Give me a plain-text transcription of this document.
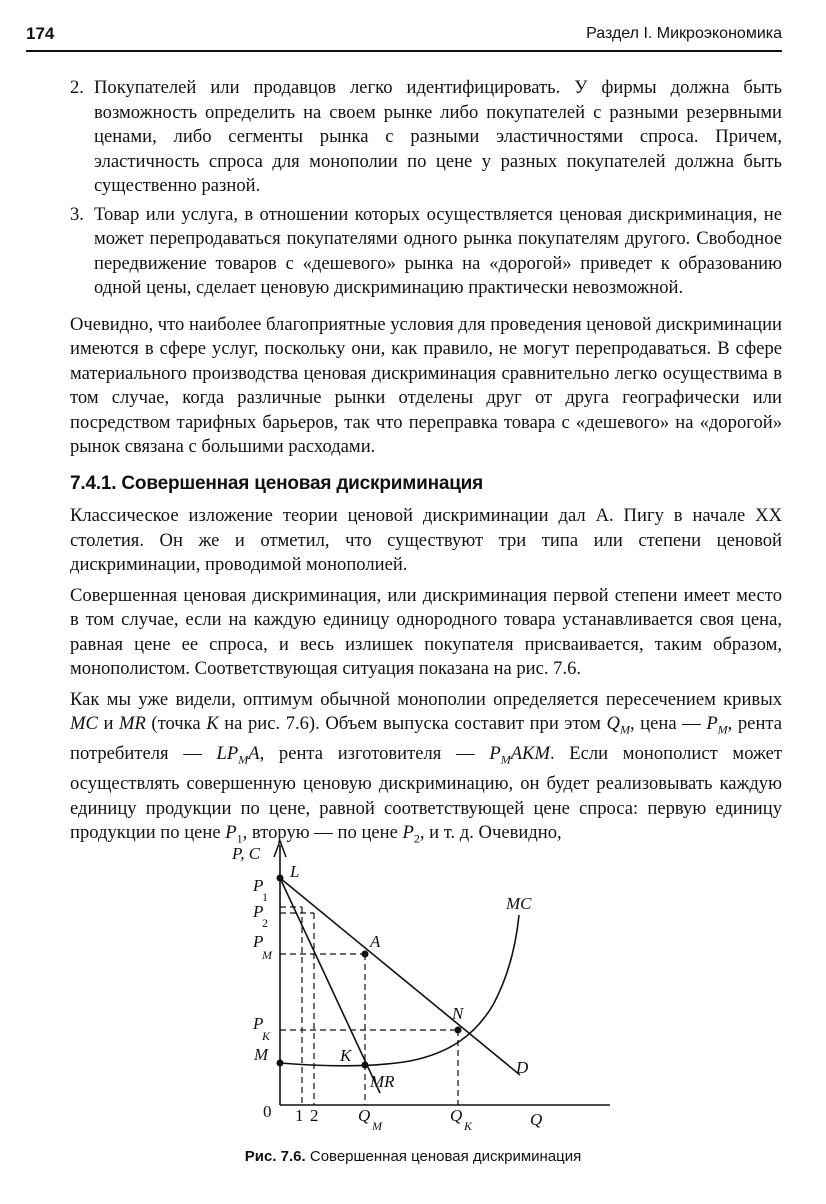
174	Раздел I. Микроэкономика
2. Покупателей или продавцов легко идентифицировать. У фирмы должна быть возможность определить на своем рынке либо покупателей с разными резервными ценами, либо сегменты рынка с разными эластичностями спроса. Причем, эластичность спроса для монополии по цене у разных покупателей должна быть существенно разной.
3. Товар или услуга, в отношении которых осуществляется ценовая дискриминация, не может перепродаваться покупателями одного рынка покупателям другого. Свободное передвижение товаров с «дешевого» рынка на «дорогой» приведет к образованию одной цены, сделает ценовую дискриминацию практически невозможной.

Очевидно, что наиболее благоприятные условия для проведения ценовой дискриминации имеются в сфере услуг, поскольку они, как правило, не могут перепродаваться. В сфере материального производства ценовая дискриминация сравнительно легко осуществима в том случае, когда различные рынки отделены друг от друга географически или посредством тарифных барьеров, так что переправка товара с «дешевого» на «дорогой» рынок связана с большими расходами.

7.4.1. Совершенная ценовая дискриминация

Классическое изложение теории ценовой дискриминации дал А. Пигу в начале XX столетия. Он же и отметил, что существуют три типа или степени ценовой дискриминации, проводимой монополией.

Совершенная ценовая дискриминация, или дискриминация первой степени имеет место в том случае, если на каждую единицу однородного товара устанавливается своя цена, равная цене ее спроса, и весь излишек покупателя присваивается, таким образом, монополистом. Соответствующая ситуация показана на рис. 7.6.

Как мы уже видели, оптимум обычной монополии определяется пересечением кривых MC и MR (точка K на рис. 7.6). Объем выпуска составит при этом $Q_M$, цена — $P_M$, рента потребителя — $LP_MA$, рента изготовителя — $P_MAKM$. Если монополист может осуществлять совершенную ценовую дискриминацию, он будет реализовывать каждую единицу продукции по цене, равной соответствующей цене спроса: первую единицу продукции по цене $P_1$, вторую — по цене $P_2$, и т. д. Очевидно,

P, C
Q
0 1 2 Q
M
Q
K
P
1
P
2
P
M
P
K
M
L
A
N
K
MC
MR
D
Рис. 7.6. Совершенная ценовая дискриминация
